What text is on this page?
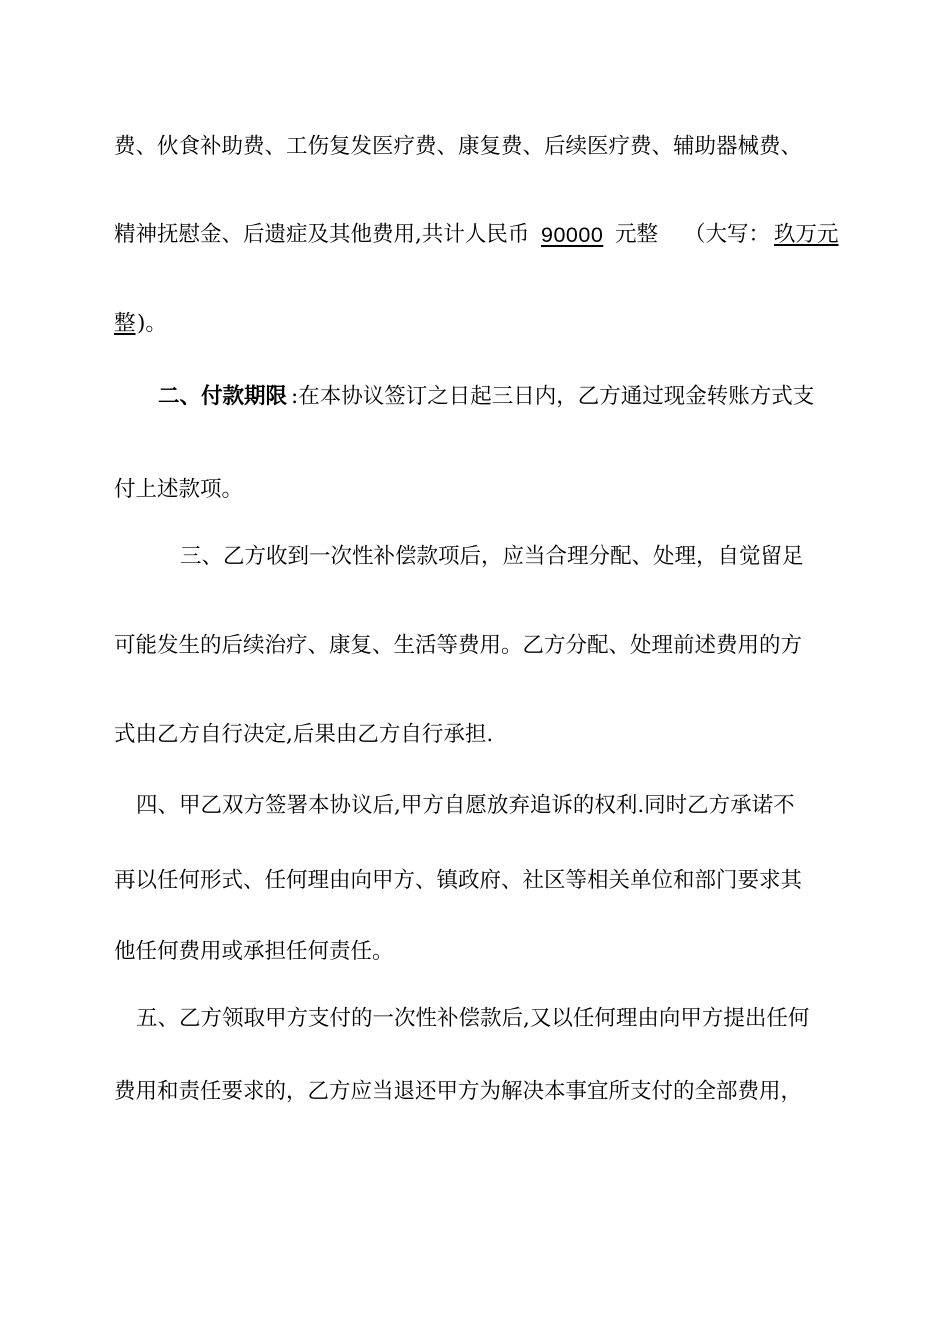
费、伙食补助费、工伤复发医疗费、康复费、后续医疗费、辅助器械费、
精神抚慰金、后遗症及其他费用,共计人民币 90000 元整 （大写： 玖万元
整 )。
二、付款期限 :在本协议签订之日起三日内，乙方通过现金转账方式支
付上述款项。
三、乙方收到一次性补偿款项后，应当合理分配、处理，自觉留足
可能发生的后续治疗、康复、生活等费用。乙方分配、处理前述费用的方
式由乙方自行决定,后果由乙方自行承担.
四、甲乙双方签署本协议后,甲方自愿放弃追诉的权利.同时乙方承诺不
再以任何形式、任何理由向甲方、镇政府、社区等相关单位和部门要求其
他任何费用或承担任何责任。
五、乙方领取甲方支付的一次性补偿款后,又以任何理由向甲方提出任何
费用和责任要求的，乙方应当退还甲方为解决本事宜所支付的全部费用，
